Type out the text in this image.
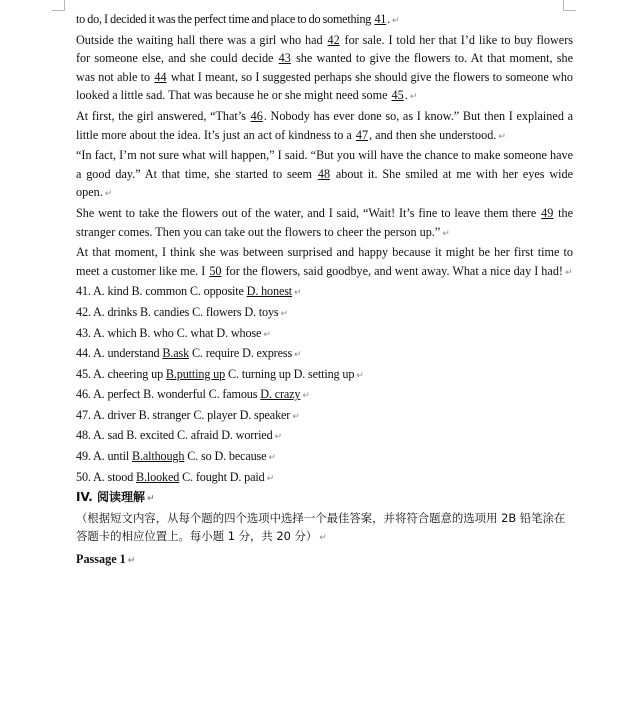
to do, I decided it was the perfect time and place to do something 41. ↵

Outside the waiting hall there was a girl who had 42 for sale. I told her that I’d like to buy flowers for someone else, and she could decide 43 she wanted to give the flowers to. At that moment, she was not able to 44 what I meant, so I suggested perhaps she should give the flowers to someone who looked a little sad. That was because he or she might need some 45. ↵

At first, the girl answered, “That’s 46. Nobody has ever done so, as I know.” But then I explained a little more about the idea. It’s just an act of kindness to a 47, and then she understood. ↵

“In fact, I’m not sure what will happen,” I said. “But you will have the chance to make someone have a good day.” At that time, she started to seem 48 about it. She smiled at me with her eyes wide open. ↵

She went to take the flowers out of the water, and I said, “Wait! It’s fine to leave them there 49 the stranger comes. Then you can take out the flowers to cheer the person up.” ↵

At that moment, I think she was between surprised and happy because it might be her first time to meet a customer like me. I 50 for the flowers, said goodbye, and went away. What a nice day I had! ↵

41. A. kind B. common C. opposite D. honest ↵
42. A. drinks B. candies C. flowers D. toys ↵
43. A. which B. who C. what D. whose ↵
44. A. understand B.ask C. require D. express ↵
45. A. cheering up B.putting up C. turning up D. setting up ↵
46. A. perfect B. wonderful C. famous D. crazy ↵
47. A. driver B. stranger C. player D. speaker ↵
48. A. sad B. excited C. afraid D. worried ↵
49. A. until B.although C. so D. because ↵
50. A. stood B.looked C. fought D. paid ↵
IV. 阅读理解 ↵
（根据短文内容，从每个题的四个选项中选择一个最佳答案，并将符合题意的选项用 2B 铅笔涂在答题卡的相应位置上。每小题 1 分，共 20 分） ↵
Passage 1 ↵
